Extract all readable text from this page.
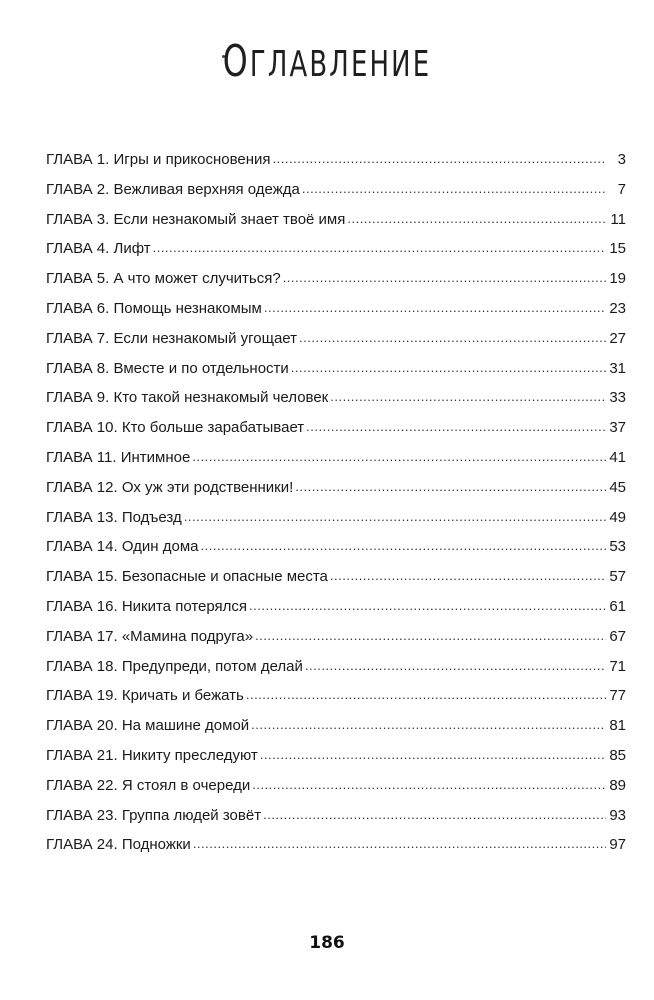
ОГЛАВЛЕНИЕ
ГЛАВА 1. Игры и прикосновения .....	3
ГЛАВА 2. Вежливая верхняя одежда .....	7
ГЛАВА 3. Если незнакомый знает твоё имя .....	11
ГЛАВА 4. Лифт .....	15
ГЛАВА 5. А что может случиться? .....	19
ГЛАВА 6. Помощь незнакомым .....	23
ГЛАВА 7. Если незнакомый угощает .....	27
ГЛАВА 8. Вместе и по отдельности .....	31
ГЛАВА 9. Кто такой незнакомый человек .....	33
ГЛАВА 10. Кто больше зарабатывает .....	37
ГЛАВА 11. Интимное .....	41
ГЛАВА 12. Ох уж эти родственники! .....	45
ГЛАВА 13. Подъезд .....	49
ГЛАВА 14. Один дома .....	53
ГЛАВА 15. Безопасные и опасные места .....	57
ГЛАВА 16. Никита потерялся .....	61
ГЛАВА 17. «Мамина подруга» .....	67
ГЛАВА 18. Предупреди, потом делай .....	71
ГЛАВА 19. Кричать и бежать .....	77
ГЛАВА 20. На машине домой .....	81
ГЛАВА 21. Никиту преследуют .....	85
ГЛАВА 22. Я стоял в очереди .....	89
ГЛАВА 23. Группа людей зовёт .....	93
ГЛАВА 24. Подножки .....	97
186
